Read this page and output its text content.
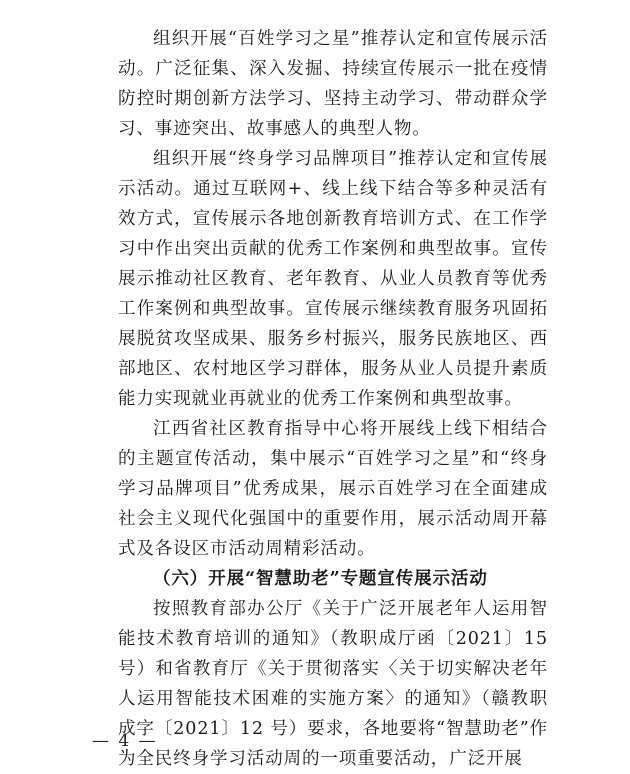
组织开展“百姓学习之星”推荐认定和宣传展示活动。广泛征集、深入发掘、持续宣传展示一批在疫情防控时期创新方法学习、坚持主动学习、带动群众学习、事迹突出、故事感人的典型人物。

组织开展“终身学习品牌项目”推荐认定和宣传展示活动。通过互联网+、线上线下结合等多种灵活有效方式，宣传展示各地创新教育培训方式、在工作学习中作出突出贡献的优秀工作案例和典型故事。宣传展示推动社区教育、老年教育、从业人员教育等优秀工作案例和典型故事。宣传展示继续教育服务巩固拓展脱贫攻坚成果、服务乡村振兴，服务民族地区、西部地区、农村地区学习群体，服务从业人员提升素质能力实现就业再就业的优秀工作案例和典型故事。

江西省社区教育指导中心将开展线上线下相结合的主题宣传活动，集中展示“百姓学习之星”和“终身学习品牌项目”优秀成果，展示百姓学习在全面建成社会主义现代化强国中的重要作用，展示活动周开幕式及各设区市活动周精彩活动。

（六）开展“智慧助老”专题宣传展示活动

按照教育部办公厅《关于广泛开展老年人运用智能技术教育培训的通知》（教职成厅函〔2021〕15 号）和省教育厅《关于贯彻落实〈关于切实解决老年人运用智能技术困难的实施方案〉的通知》（赣教职成字〔2021〕12 号）要求，各地要将“智慧助老”作为全民终身学习活动周的一项重要活动，广泛开展

— 4 —
